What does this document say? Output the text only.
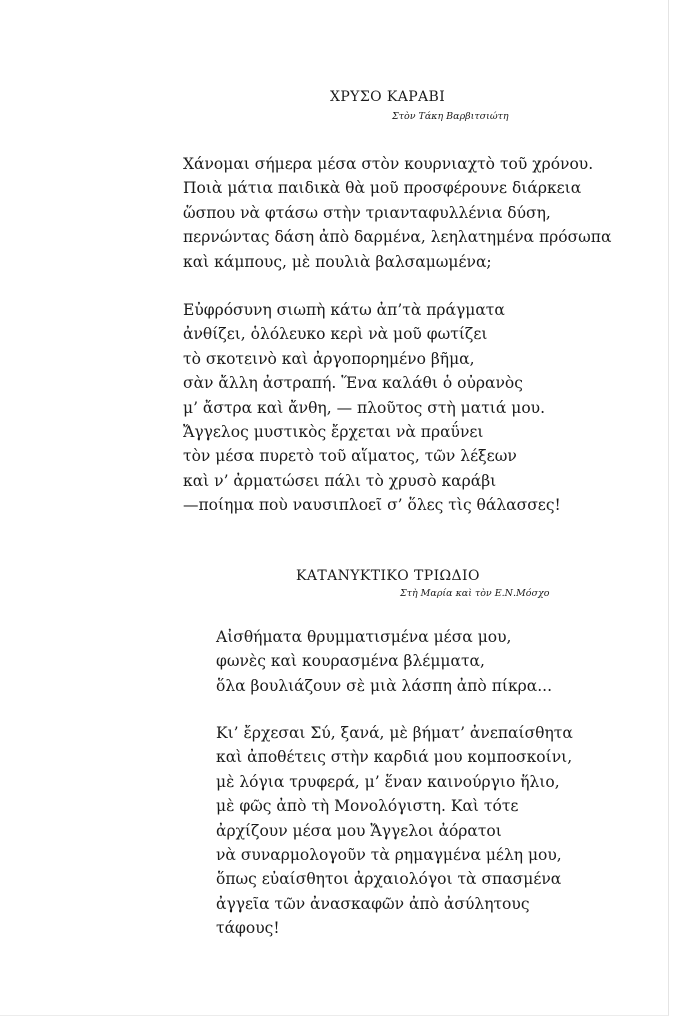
ΧΡΥΣΟ ΚΑΡΑΒΙ

Στὸν Τάκη Βαρβιτσιώτη

Χάνομαι σήμερα μέσα στὸν κουρνιαχτὸ τοῦ χρόνου.
Ποιὰ μάτια παιδικὰ θὰ μοῦ προσφέρουνε διάρκεια
ὥσπου νὰ φτάσω στὴν τριανταφυλλένια δύση,
περνώντας δάση ἀπὸ δαρμένα, λεηλατημένα πρόσωπα
καὶ κάμπους, μὲ πουλιὰ βαλσαμωμένα;
Εὐφρόσυνη σιωπὴ κάτω ἀπ’τὰ πράγματα
ἀνθίζει, ὁλόλευκο κερὶ νὰ μοῦ φωτίζει
τὸ σκοτεινὸ καὶ ἀργοπορημένο βῆμα,
σὰν ἄλλη ἀστραπή. Ἕνα καλάθι ὁ οὐρανὸς
μ’ ἄστρα καὶ ἄνθη, — πλοῦτος στὴ ματιά μου.
Ἄγγελος μυστικὸς ἔρχεται νὰ πραΰνει
τὸν μέσα πυρετὸ τοῦ αἵματος, τῶν λέξεων
καὶ ν’ ἀρματώσει πάλι τὸ χρυσὸ καράβι
—ποίημα ποὺ ναυσιπλοεῖ σ’ ὅλες τὶς θάλασσες!
ΚΑΤΑΝΥΚΤΙΚΟ ΤΡΙΩΔΙΟ

Στὴ Μαρία καὶ τὸν Ε.Ν.Μόσχο

Αἰσθήματα θρυμματισμένα μέσα μου,
φωνὲς καὶ κουρασμένα βλέμματα,
ὅλα βουλιάζουν σὲ μιὰ λάσπη ἀπὸ πίκρα...
Κι’ ἔρχεσαι Σύ, ξανά, μὲ βήματ’ ἀνεπαίσθητα
καὶ ἀποθέτεις στὴν καρδιά μου κομποσκοίνι,
μὲ λόγια τρυφερά, μ’ ἕναν καινούργιο ἥλιο,
μὲ φῶς ἀπὸ τὴ Μονολόγιστη. Καὶ τότε
ἀρχίζουν μέσα μου Ἄγγελοι ἀόρατοι
νὰ συναρμολογοῦν τὰ ρημαγμένα μέλη μου,
ὅπως εὐαίσθητοι ἀρχαιολόγοι τὰ σπασμένα
ἀγγεῖα τῶν ἀνασκαφῶν ἀπὸ ἀσύλητους
τάφους!
